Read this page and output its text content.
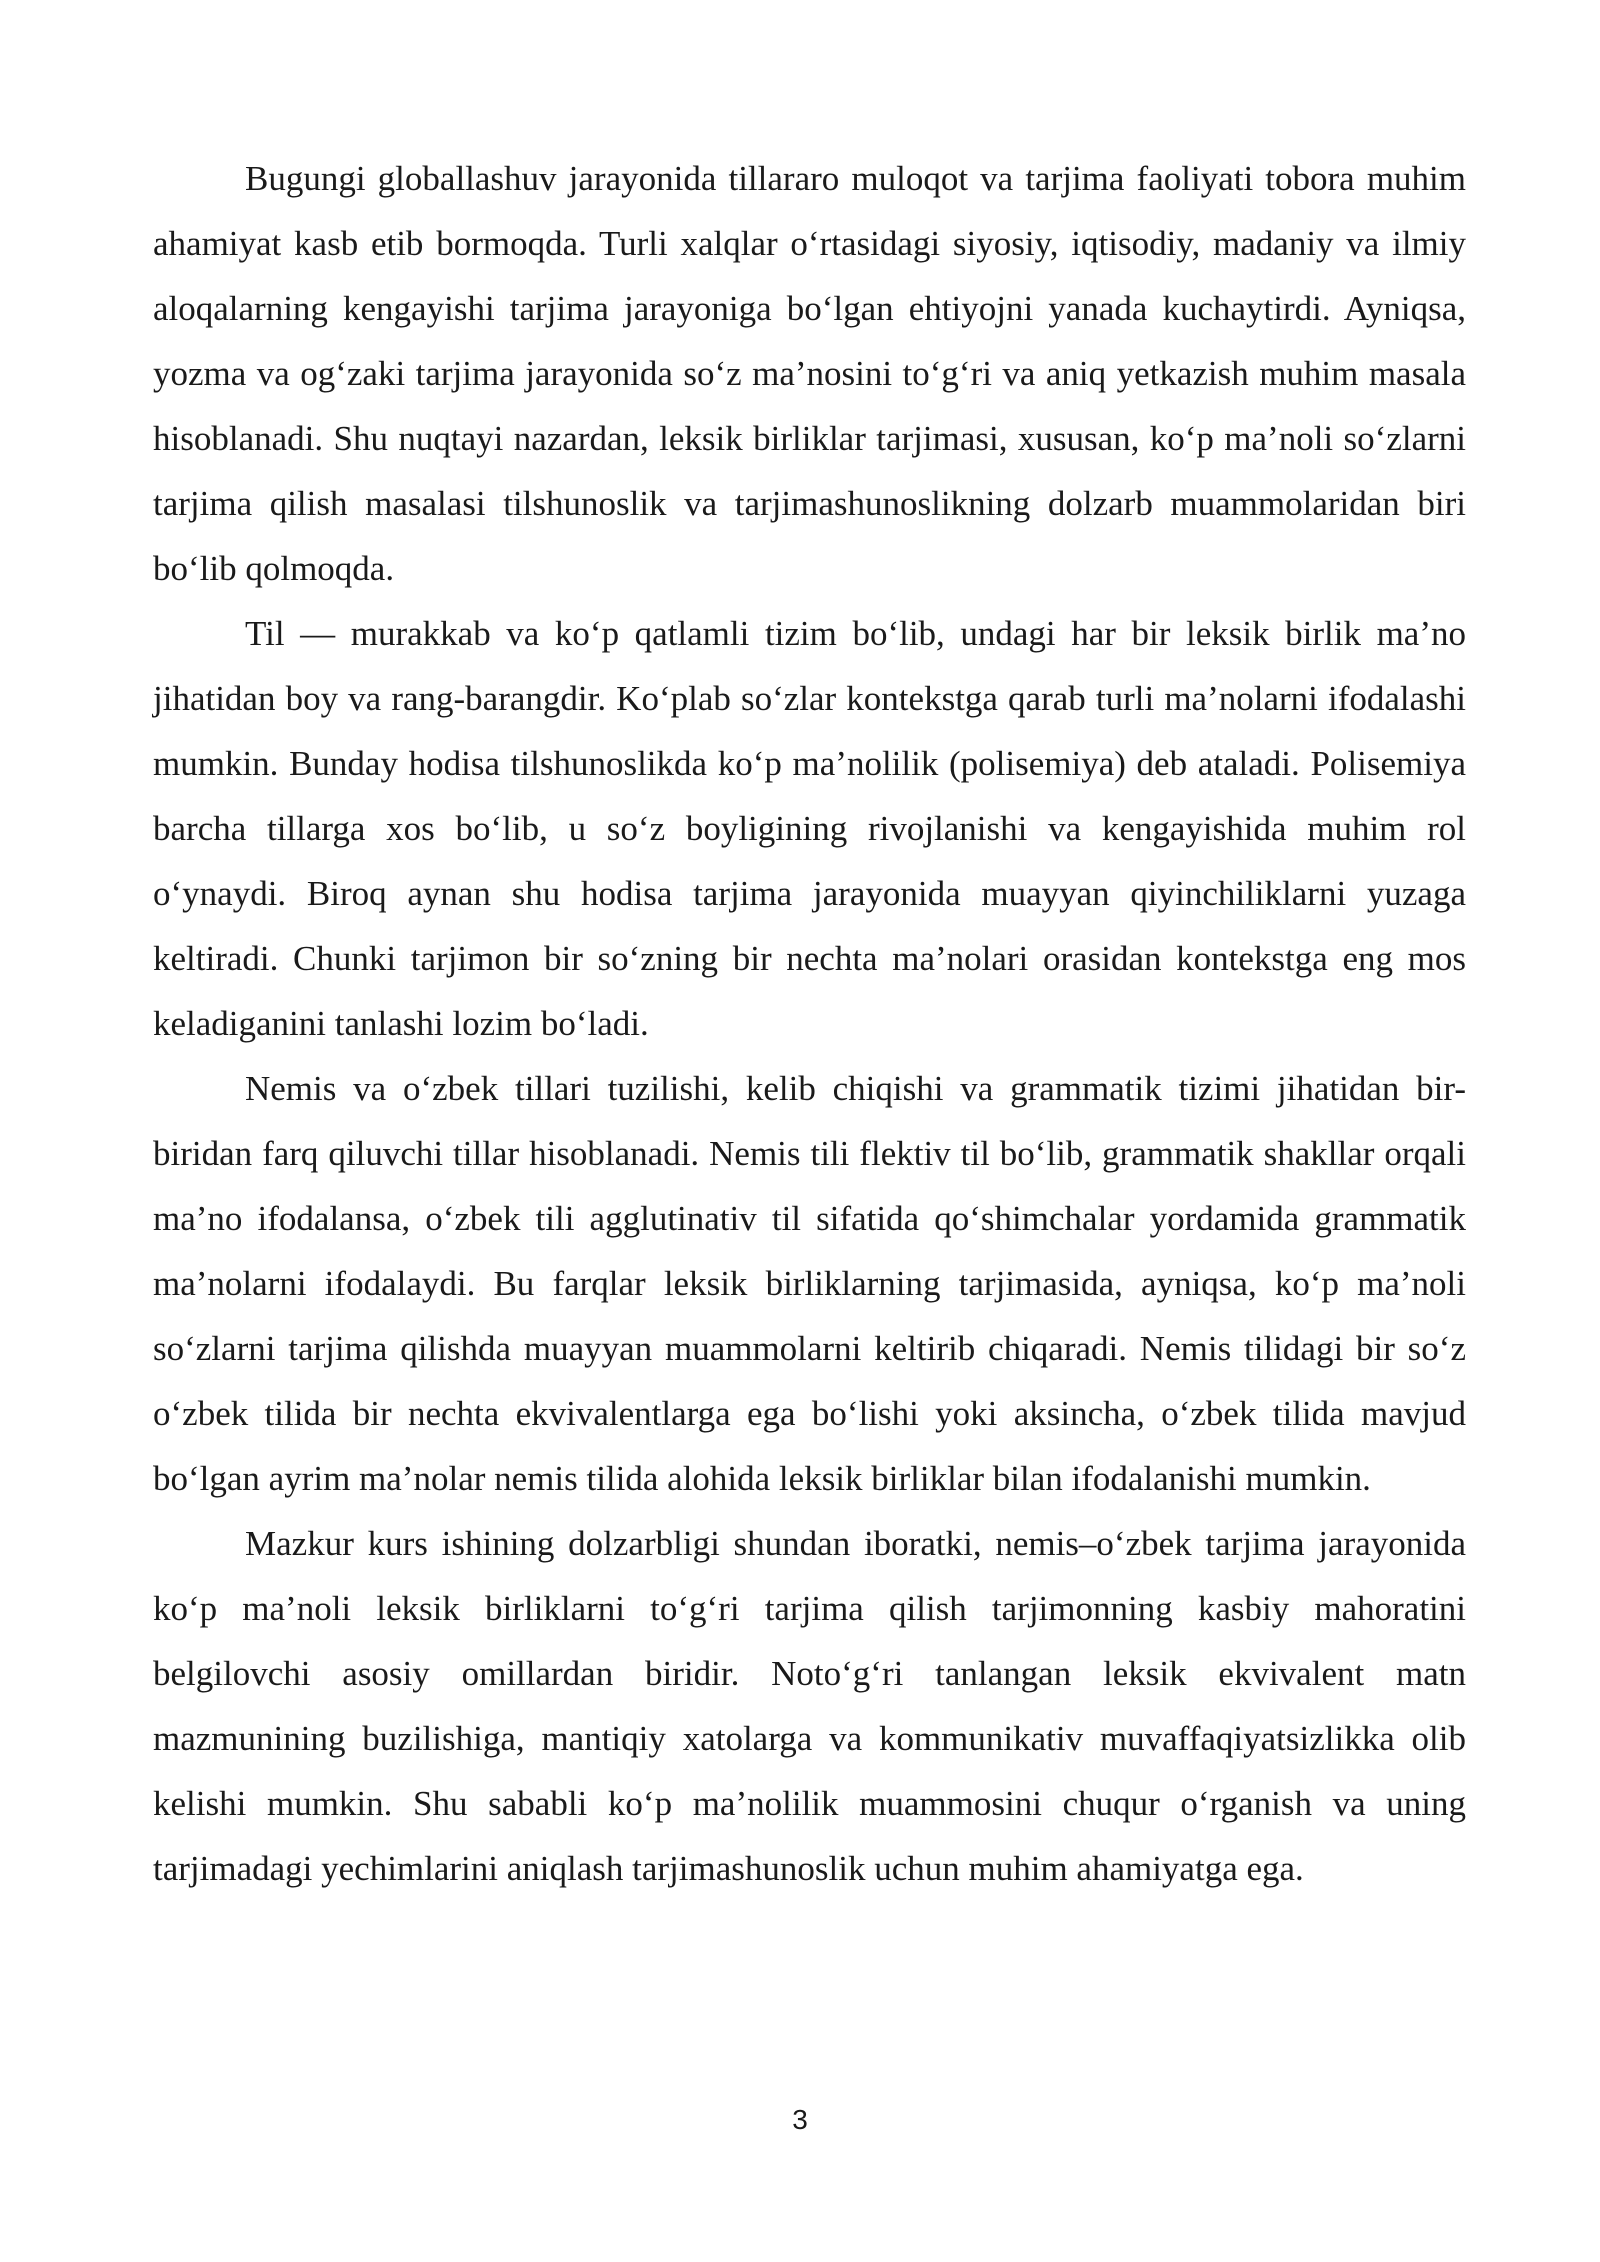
Bugungi globallashuv jarayonida tillararo muloqot va tarjima faoliyati tobora muhim ahamiyat kasb etib bormoqda. Turli xalqlar o‘rtasidagi siyosiy, iqtisodiy, madaniy va ilmiy aloqalarning kengayishi tarjima jarayoniga bo‘lgan ehtiyojni yanada kuchaytirdi. Ayniqsa, yozma va og‘zaki tarjima jarayonida so‘z ma’nosini to‘g‘ri va aniq yetkazish muhim masala hisoblanadi. Shu nuqtayi nazardan, leksik birliklar tarjimasi, xususan, ko‘p ma’noli so‘zlarni tarjima qilish masalasi tilshunoslik va tarjimashunoslikning dolzarb muammolaridan biri bo‘lib qolmoqda.

Til — murakkab va ko‘p qatlamli tizim bo‘lib, undagi har bir leksik birlik ma’no jihatidan boy va rang-barangdir. Ko‘plab so‘zlar kontekstga qarab turli ma’nolarni ifodalashi mumkin. Bunday hodisa tilshunoslikda ko‘p ma’nolilik (polisemiya) deb ataladi. Polisemiya barcha tillarga xos bo‘lib, u so‘z boyligining rivojlanishi va kengayishida muhim rol o‘ynaydi. Biroq aynan shu hodisa tarjima jarayonida muayyan qiyinchiliklarni yuzaga keltiradi. Chunki tarjimon bir so‘zning bir nechta ma’nolari orasidan kontekstga eng mos keladiganini tanlashi lozim bo‘ladi.

Nemis va o‘zbek tillari tuzilishi, kelib chiqishi va grammatik tizimi jihatidan bir-biridan farq qiluvchi tillar hisoblanadi. Nemis tili flektiv til bo‘lib, grammatik shakllar orqali ma’no ifodalansa, o‘zbek tili agglutinativ til sifatida qo‘shimchalar yordamida grammatik ma’nolarni ifodalaydi. Bu farqlar leksik birliklarning tarjimasida, ayniqsa, ko‘p ma’noli so‘zlarni tarjima qilishda muayyan muammolarni keltirib chiqaradi. Nemis tilidagi bir so‘z o‘zbek tilida bir nechta ekvivalentlarga ega bo‘lishi yoki aksincha, o‘zbek tilida mavjud bo‘lgan ayrim ma’nolar nemis tilida alohida leksik birliklar bilan ifodalanishi mumkin.

Mazkur kurs ishining dolzarbligi shundan iboratki, nemis–o‘zbek tarjima jarayonida ko‘p ma’noli leksik birliklarni to‘g‘ri tarjima qilish tarjimonning kasbiy mahoratini belgilovchi asosiy omillardan biridir. Noto‘g‘ri tanlangan leksik ekvivalent matn mazmunining buzilishiga, mantiqiy xatolarga va kommunikativ muvaffaqiyatsizlikka olib kelishi mumkin. Shu sababli ko‘p ma’nolilik muammosini chuqur o‘rganish va uning tarjimadagi yechimlarini aniqlash tarjimashunoslik uchun muhim ahamiyatga ega.

3
